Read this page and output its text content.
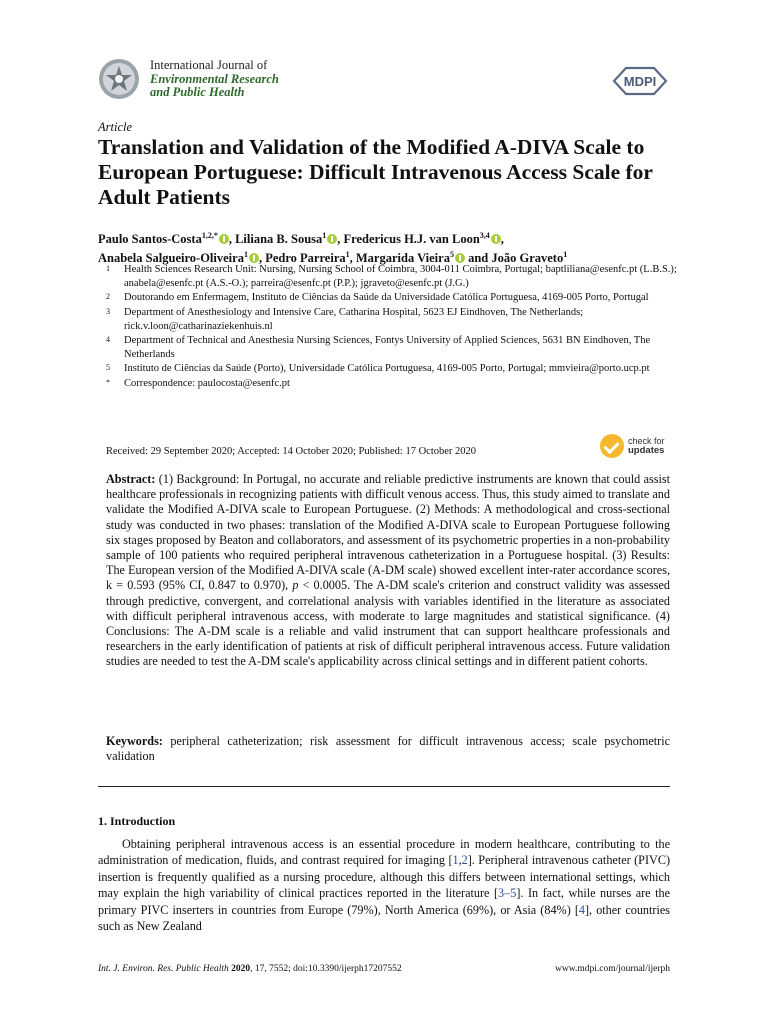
International Journal of
Environmental Research
and Public Health
MDPI
Article
Translation and Validation of the Modified A-DIVA Scale to European Portuguese: Difficult Intravenous Access Scale for Adult Patients
Paulo Santos-Costa$^{1,2,*}$ , Liliana B. Sousa$^1$ , Fredericus H.J. van Loon$^{3,4}$ ,
Anabela Salgueiro-Oliveira$^1$ , Pedro Parreira$^1$, Margarida Vieira$^5$ and João Graveto$^1$
1	Health Sciences Research Unit: Nursing, Nursing School of Coimbra, 3004-011 Coimbra, Portugal; baptliliana@esenfc.pt (L.B.S.); anabela@esenfc.pt (A.S.-O.); parreira@esenfc.pt (P.P.); jgraveto@esenfc.pt (J.G.)
2	Doutorando em Enfermagem, Instituto de Ciências da Saúde da Universidade Católica Portuguesa, 4169-005 Porto, Portugal
3	Department of Anesthesiology and Intensive Care, Catharina Hospital, 5623 EJ Eindhoven, The Netherlands; rick.v.loon@catharinaziekenhuis.nl
4	Department of Technical and Anesthesia Nursing Sciences, Fontys University of Applied Sciences, 5631 BN Eindhoven, The Netherlands
5	Instituto de Ciências da Saúde (Porto), Universidade Católica Portuguesa, 4169-005 Porto, Portugal; mmvieira@porto.ucp.pt
*	Correspondence: paulocosta@esenfc.pt
Received: 29 September 2020; Accepted: 14 October 2020; Published: 17 October 2020
check for
updates

Abstract: (1) Background: In Portugal, no accurate and reliable predictive instruments are known that could assist healthcare professionals in recognizing patients with difficult venous access. Thus, this study aimed to translate and validate the Modified A-DIVA scale to European Portuguese. (2) Methods: A methodological and cross-sectional study was conducted in two phases: translation of the Modified A-DIVA scale to European Portuguese following six stages proposed by Beaton and collaborators, and assessment of its psychometric properties in a non-probability sample of 100 patients who required peripheral intravenous catheterization in a Portuguese hospital. (3) Results: The European version of the Modified A-DIVA scale (A-DM scale) showed excellent inter-rater accordance scores, k = 0.593 (95% CI, 0.847 to 0.970), p < 0.0005. The A-DM scale's criterion and construct validity was assessed through predictive, convergent, and correlational analysis with variables identified in the literature as associated with difficult peripheral intravenous access, with moderate to large magnitudes and statistical significance. (4) Conclusions: The A-DM scale is a reliable and valid instrument that can support healthcare professionals and researchers in the early identification of patients at risk of difficult peripheral intravenous access. Future validation studies are needed to test the A-DM scale's applicability across clinical settings and in different patient cohorts.

Keywords: peripheral catheterization; risk assessment for difficult intravenous access; scale psychometric validation

1. Introduction

Obtaining peripheral intravenous access is an essential procedure in modern healthcare, contributing to the administration of medication, fluids, and contrast required for imaging [1,2]. Peripheral intravenous catheter (PIVC) insertion is frequently qualified as a nursing procedure, although this differs between international settings, which may explain the high variability of clinical practices reported in the literature [3–5]. In fact, while nurses are the primary PIVC inserters in countries from Europe (79%), North America (69%), or Asia (84%) [4], other countries such as New Zealand

Int. J. Environ. Res. Public Health 2020, 17, 7552; doi:10.3390/ijerph17207552	www.mdpi.com/journal/ijerph
